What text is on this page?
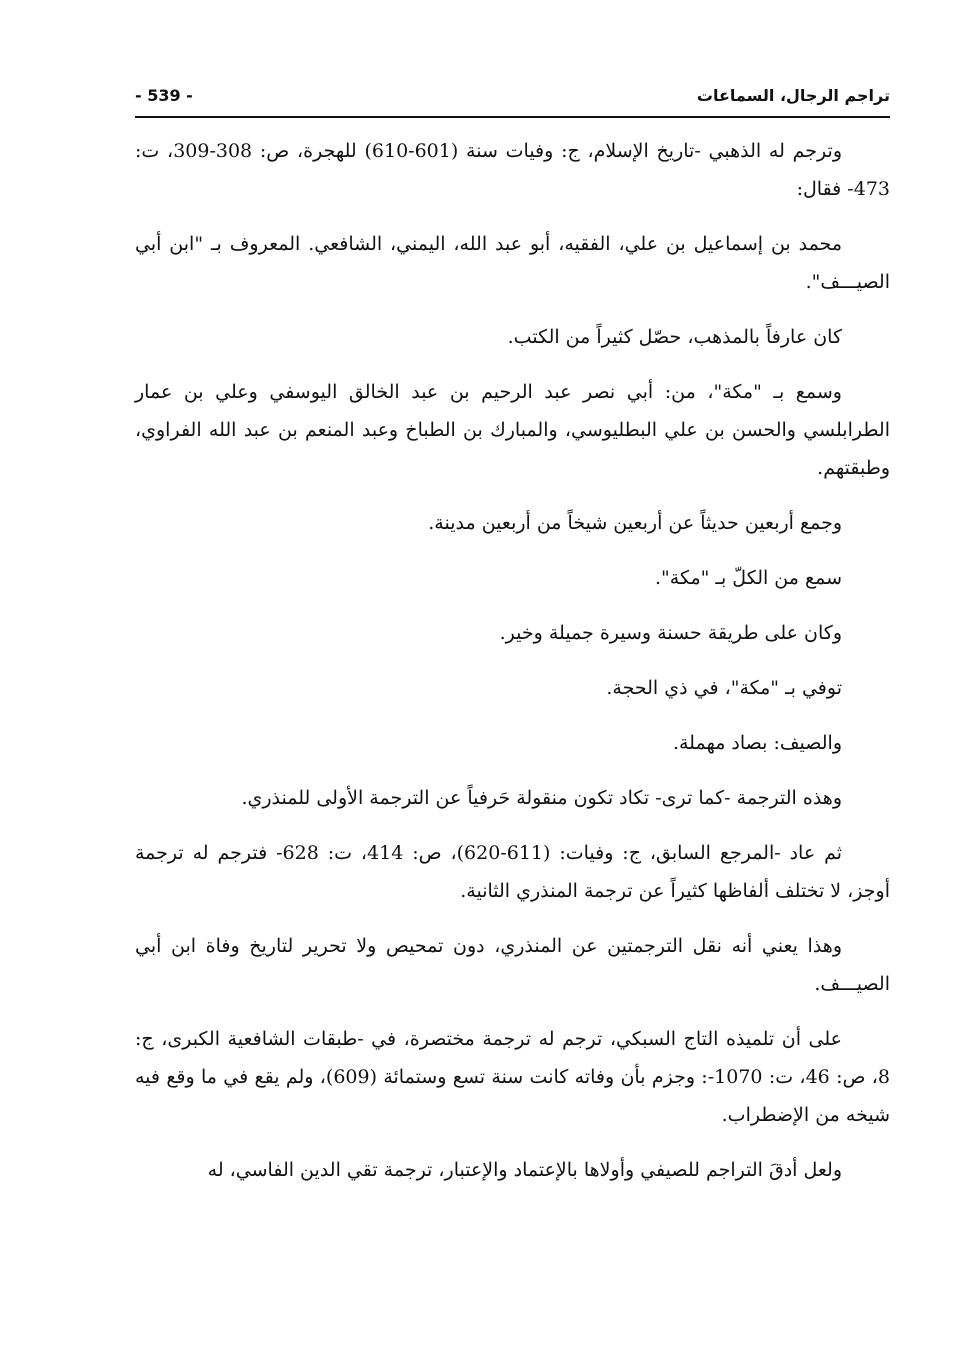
تراجم الرجال، السماعات
- 539 -

وترجم له الذهبي -تاريخ الإسلام، ج: وفيات سنة (601-610) للهجرة، ص: 308-309، ت: 473- فقال:

محمد بن إسماعيل بن علي، الفقيه، أبو عبد الله، اليمني، الشافعي. المعروف بـ "ابن أبي الصيـــف".

كان عارفاً بالمذهب، حصّل كثيراً من الكتب.

وسمع بـ "مكة"، من: أبي نصر عبد الرحيم بن عبد الخالق اليوسفي وعلي بن عمار الطرابلسي والحسن بن علي البطليوسي، والمبارك بن الطباخ وعبد المنعم بن عبد الله الفراوي، وطبقتهم.

وجمع أربعين حديثاً عن أربعين شيخاً من أربعين مدينة.

سمع من الكلّ بـ "مكة".

وكان على طريقة حسنة وسيرة جميلة وخير.

توفي بـ "مكة"، في ذي الحجة.

والصيف: بصاد مهملة.

وهذه الترجمة -كما ترى- تكاد تكون منقولة حَرفياً عن الترجمة الأولى للمنذري.

ثم عاد -المرجع السابق، ج: وفيات: (611-620)، ص: 414، ت: 628- فترجم له ترجمة أوجز، لا تختلف ألفاظها كثيراً عن ترجمة المنذري الثانية.

وهذا يعني أنه نقل الترجمتين عن المنذري، دون تمحيص ولا تحرير لتاريخ وفاة ابن أبي الصيـــف.

على أن تلميذه التاج السبكي، ترجم له ترجمة مختصرة، في -طبقات الشافعية الكبرى، ج: 8، ص: 46، ت: 1070-: وجزم بأن وفاته كانت سنة تسع وستمائة (609)، ولم يقع في ما وقع فيه شيخه من الإضطراب.

ولعل أدقَ التراجم للصيفي وأولاها بالإعتماد والإعتبار، ترجمة تقي الدين الفاسي، له
